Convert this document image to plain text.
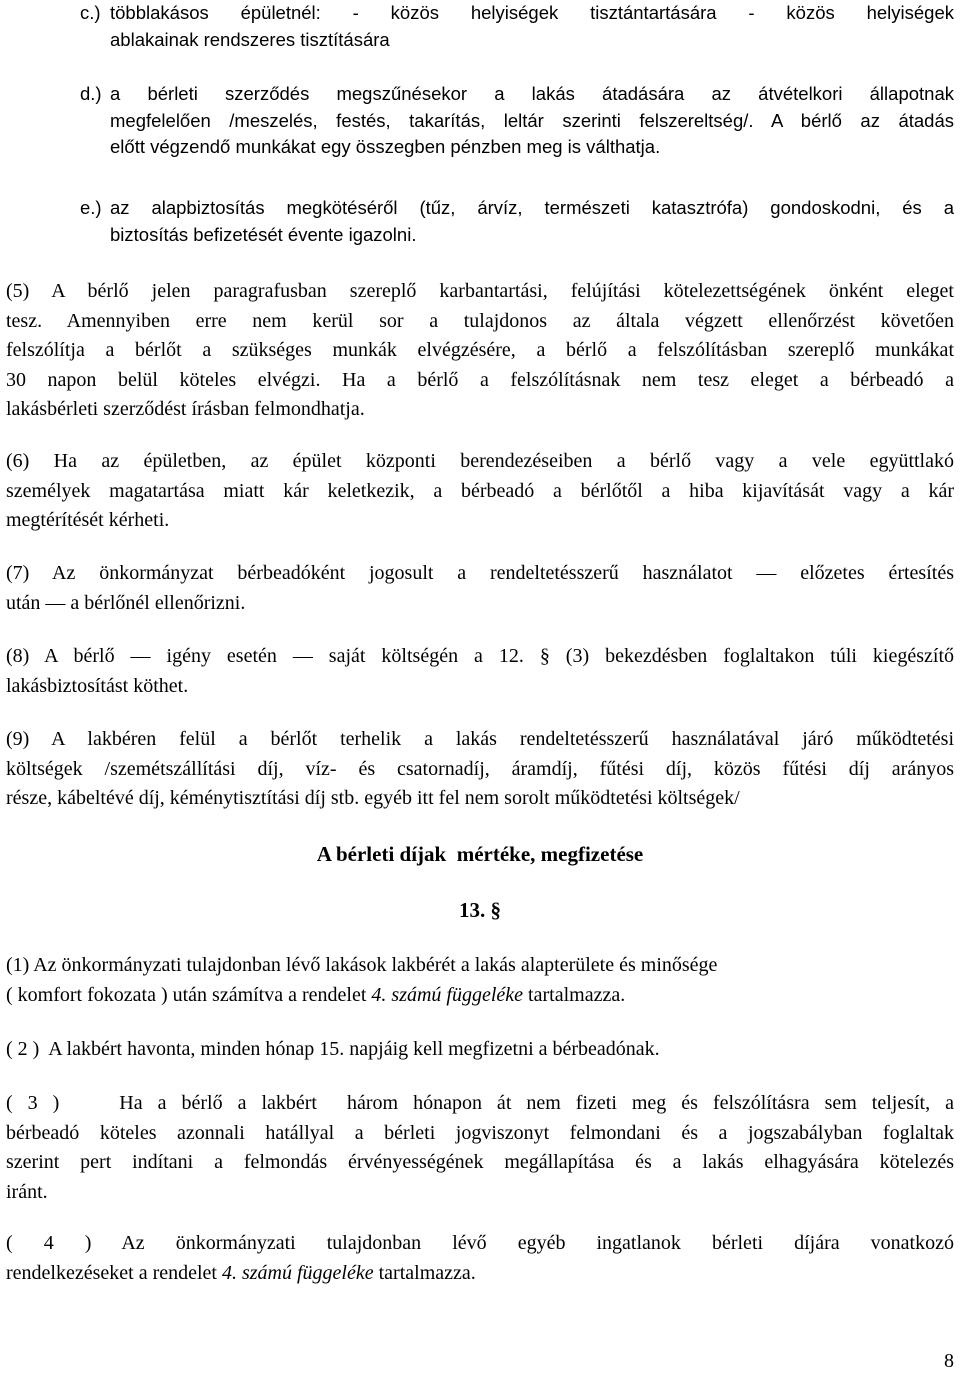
c.) többlakásos épületnél: - közös helyiségek tisztántartására - közös helyiségek
ablakainak rendszeres tisztítására
d.) a bérleti szerződés megszűnésekor a lakás átadására az átvételkori állapotnak
megfelelően /meszelés, festés, takarítás, leltár szerinti felszereltség/. A bérlő az átadás
előtt végzendő munkákat egy összegben pénzben meg is válthatja.
e.) az alapbiztosítás megkötéséről (tűz, árvíz, természeti katasztrófa) gondoskodni, és a
biztosítás befizetését évente igazolni.
(5) A bérlő jelen paragrafusban szereplő karbantartási, felújítási kötelezettségének önként eleget
tesz. Amennyiben erre nem kerül sor a tulajdonos az általa végzett ellenőrzést követően
felszólítja a bérlőt a szükséges munkák elvégzésére, a bérlő a felszólításban szereplő munkákat
30 napon belül köteles elvégzi. Ha a bérlő a felszólításnak nem tesz eleget a bérbeadó a
lakásbérleti szerződést írásban felmondhatja.
(6) Ha az épületben, az épület központi berendezéseiben a bérlő vagy a vele együttlakó
személyek magatartása miatt kár keletkezik, a bérbeadó a bérlőtől a hiba kijavítását vagy a kár
megtérítését kérheti.
(7) Az önkormányzat bérbeadóként jogosult a rendeltetésszerű használatot — előzetes értesítés
után — a bérlőnél ellenőrizni.
(8) A bérlő — igény esetén — saját költségén a 12. § (3) bekezdésben foglaltakon túli kiegészítő
lakásbiztosítást köthet.
(9) A lakbéren felül a bérlőt terhelik a lakás rendeltetésszerű használatával járó működtetési
költségek /szemétszállítási díj, víz- és csatornadíj, áramdíj, fűtési díj, közös fűtési díj arányos
része, kábeltévé díj, kéménytisztítási díj stb. egyéb itt fel nem sorolt működtetési költségek/
A bérleti díjak  mértéke, megfizetése
13. §
(1) Az önkormányzati tulajdonban lévő lakások lakbérét a lakás alapterülete és minősége
( komfort fokozata ) után számítva a rendelet 4. számú függeléke tartalmazza.
( 2 )  A lakbért havonta, minden hónap 15. napjáig kell megfizetni a bérbeadónak.
( 3 )    Ha a bérlő a lakbért  három hónapon át nem fizeti meg és felszólításra sem teljesít, a
bérbeadó köteles azonnali hatállyal a bérleti jogviszonyt felmondani és a jogszabályban foglaltak
szerint pert indítani a felmondás érvényességének megállapítása és a lakás elhagyására kötelezés
iránt.
( 4 ) Az önkormányzati tulajdonban lévő egyéb ingatlanok bérleti díjára vonatkozó
rendelkezéseket a rendelet 4. számú függeléke tartalmazza.
8
